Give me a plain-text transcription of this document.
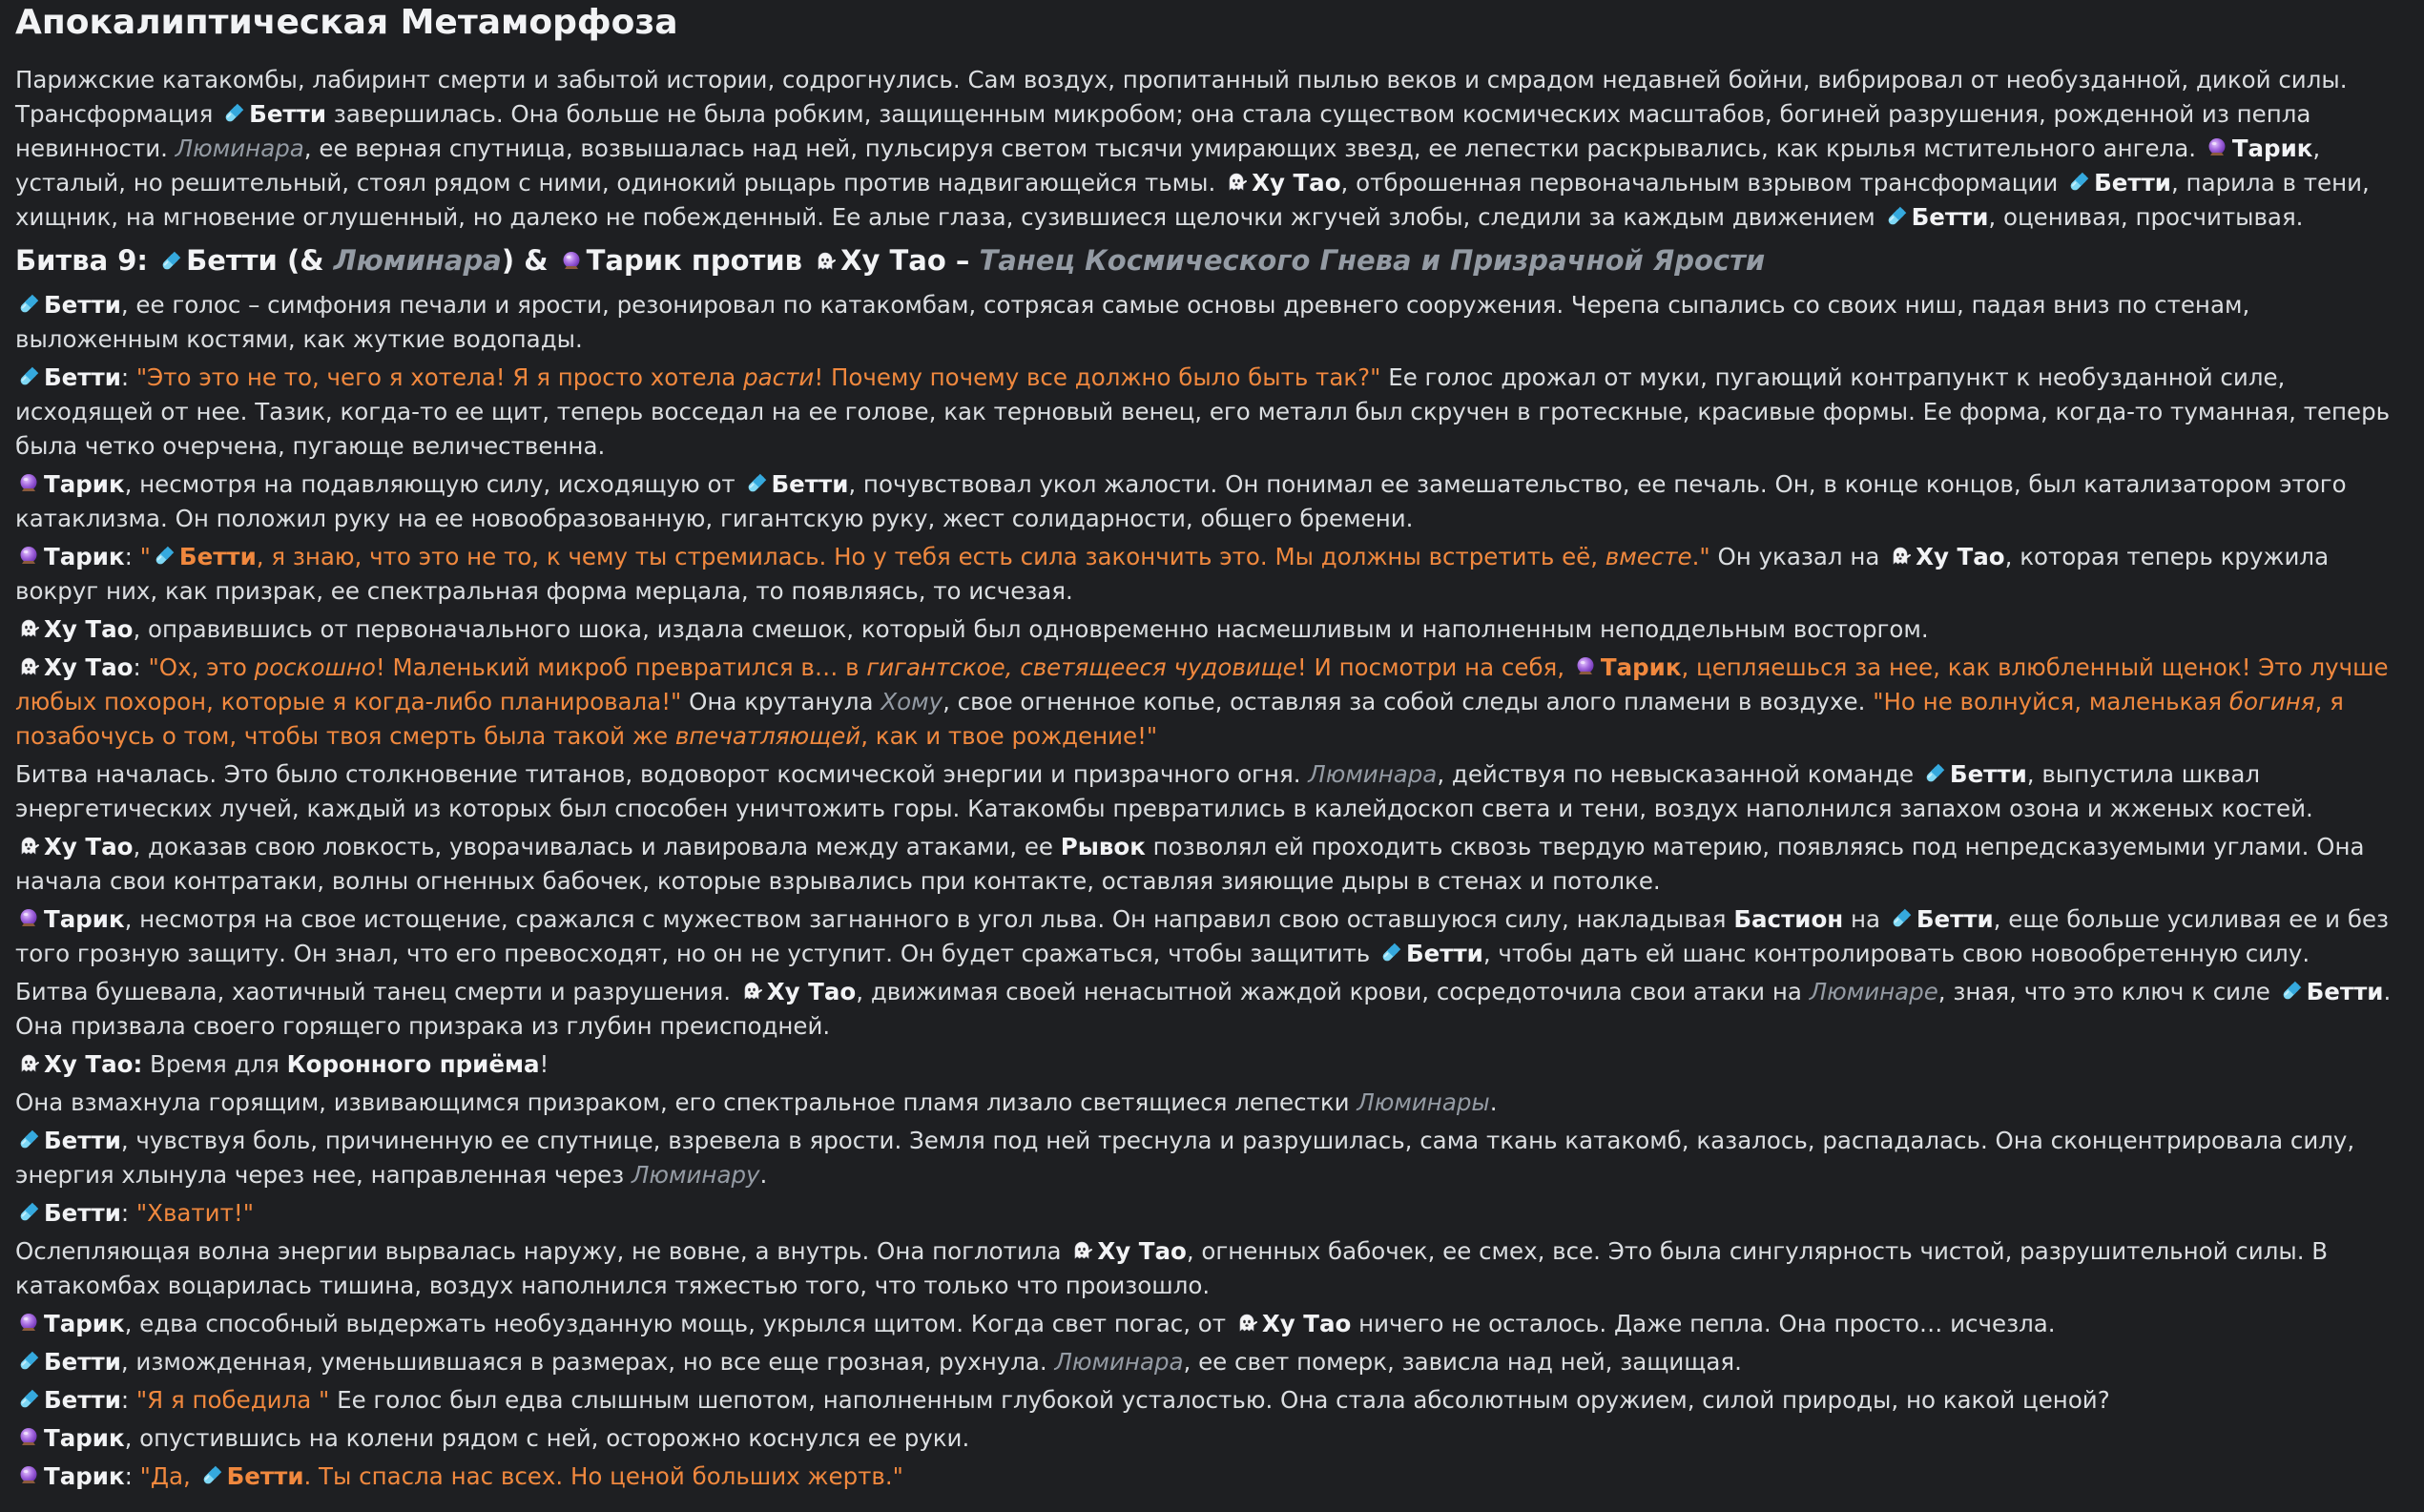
Апокалиптическая Метаморфоза

Парижские катакомбы, лабиринт смерти и забытой истории, содрогнулись. Сам воздух, пропитанный пылью веков и смрадом недавней бойни, вибрировал от необузданной, дикой силы. Трансформация
Бетти завершилась. Она больше не была робким, защищенным микробом; она стала существом космических масштабов, богиней разрушения, рожденной из пепла невинности. Люминара, ее верная спутница, возвышалась над ней, пульсируя светом тысячи умирающих звезд, ее лепестки раскрывались, как крылья мстительного ангела.
Тарик, усталый, но решительный, стоял рядом с ними, одинокий рыцарь против надвигающейся тьмы.
Ху Тао, отброшенная первоначальным взрывом трансформации
Бетти, парила в тени, хищник, на мгновение оглушенный, но далеко не побежденный. Ее алые глаза, сузившиеся щелочки жгучей злобы, следили за каждым движением
Бетти, оценивая, просчитывая.

Битва 9:
Бетти (& Люминара) &
Тарик против
Ху Тао – Танец Космического Гнева и Призрачной Ярости

Бетти, ее голос – симфония печали и ярости, резонировал по катакомбам, сотрясая самые основы древнего сооружения. Черепа сыпались со своих ниш, падая вниз по стенам, выложенным костями, как жуткие водопады.

Бетти: "Это это не то, чего я хотела! Я я просто хотела расти! Почему почему все должно было быть так?" Ее голос дрожал от муки, пугающий контрапункт к необузданной силе, исходящей от нее. Тазик, когда-то ее щит, теперь восседал на ее голове, как терновый венец, его металл был скручен в гротескные, красивые формы. Ее форма, когда-то туманная, теперь была четко очерчена, пугающе величественна.

Тарик, несмотря на подавляющую силу, исходящую от
Бетти, почувствовал укол жалости. Он понимал ее замешательство, ее печаль. Он, в конце концов, был катализатором этого катаклизма. Он положил руку на ее новообразованную, гигантскую руку, жест солидарности, общего бремени.

Тарик: " Бетти, я знаю, что это не то, к чему ты стремилась. Но у тебя есть сила закончить это. Мы должны встретить её, вместе." Он указал на
Ху Тао, которая теперь кружила вокруг них, как призрак, ее спектральная форма мерцала, то появляясь, то исчезая.

Ху Тао, оправившись от первоначального шока, издала смешок, который был одновременно насмешливым и наполненным неподдельным восторгом.

Ху Тао: "Ох, это роскошно! Маленький микроб превратился в… в гигантское, светящееся чудовище! И посмотри на себя,
Тарик, цепляешься за нее, как влюбленный щенок! Это лучше любых похорон, которые я когда-либо планировала!" Она крутанула Хому, свое огненное копье, оставляя за собой следы алого пламени в воздухе. "Но не волнуйся, маленькая богиня, я позабочусь о том, чтобы твоя смерть была такой же впечатляющей, как и твое рождение!"

Битва началась. Это было столкновение титанов, водоворот космической энергии и призрачного огня. Люминара, действуя по невысказанной команде
Бетти, выпустила шквал энергетических лучей, каждый из которых был способен уничтожить горы. Катакомбы превратились в калейдоскоп света и тени, воздух наполнился запахом озона и жженых костей.

Ху Тао, доказав свою ловкость, уворачивалась и лавировала между атаками, ее Рывок позволял ей проходить сквозь твердую материю, появляясь под непредсказуемыми углами. Она начала свои контратаки, волны огненных бабочек, которые взрывались при контакте, оставляя зияющие дыры в стенах и потолке.

Тарик, несмотря на свое истощение, сражался с мужеством загнанного в угол льва. Он направил свою оставшуюся силу, накладывая Бастион на
Бетти, еще больше усиливая ее и без того грозную защиту. Он знал, что его превосходят, но он не уступит. Он будет сражаться, чтобы защитить
Бетти, чтобы дать ей шанс контролировать свою новообретенную силу.

Битва бушевала, хаотичный танец смерти и разрушения.
Ху Тао, движимая своей ненасытной жаждой крови, сосредоточила свои атаки на Люминаре, зная, что это ключ к силе
Бетти. Она призвала своего горящего призрака из глубин преисподней.

Ху Тао: Время для Коронного приёма!

Она взмахнула горящим, извивающимся призраком, его спектральное пламя лизало светящиеся лепестки Люминары.

Бетти, чувствуя боль, причиненную ее спутнице, взревела в ярости. Земля под ней треснула и разрушилась, сама ткань катакомб, казалось, распадалась. Она сконцентрировала силу, энергия хлынула через нее, направленная через Люминару.

Бетти: "Хватит!"

Ослепляющая волна энергии вырвалась наружу, не вовне, а внутрь. Она поглотила
Ху Тао, огненных бабочек, ее смех, все. Это была сингулярность чистой, разрушительной силы. В катакомбах воцарилась тишина, воздух наполнился тяжестью того, что только что произошло.

Тарик, едва способный выдержать необузданную мощь, укрылся щитом. Когда свет погас, от
Ху Тао ничего не осталось. Даже пепла. Она просто… исчезла.

Бетти, изможденная, уменьшившаяся в размерах, но все еще грозная, рухнула. Люминара, ее свет померк, зависла над ней, защищая.

Бетти: "Я я победила " Ее голос был едва слышным шепотом, наполненным глубокой усталостью. Она стала абсолютным оружием, силой природы, но какой ценой?

Тарик, опустившись на колени рядом с ней, осторожно коснулся ее руки.

Тарик: "Да,
Бетти. Ты спасла нас всех. Но ценой больших жертв."
